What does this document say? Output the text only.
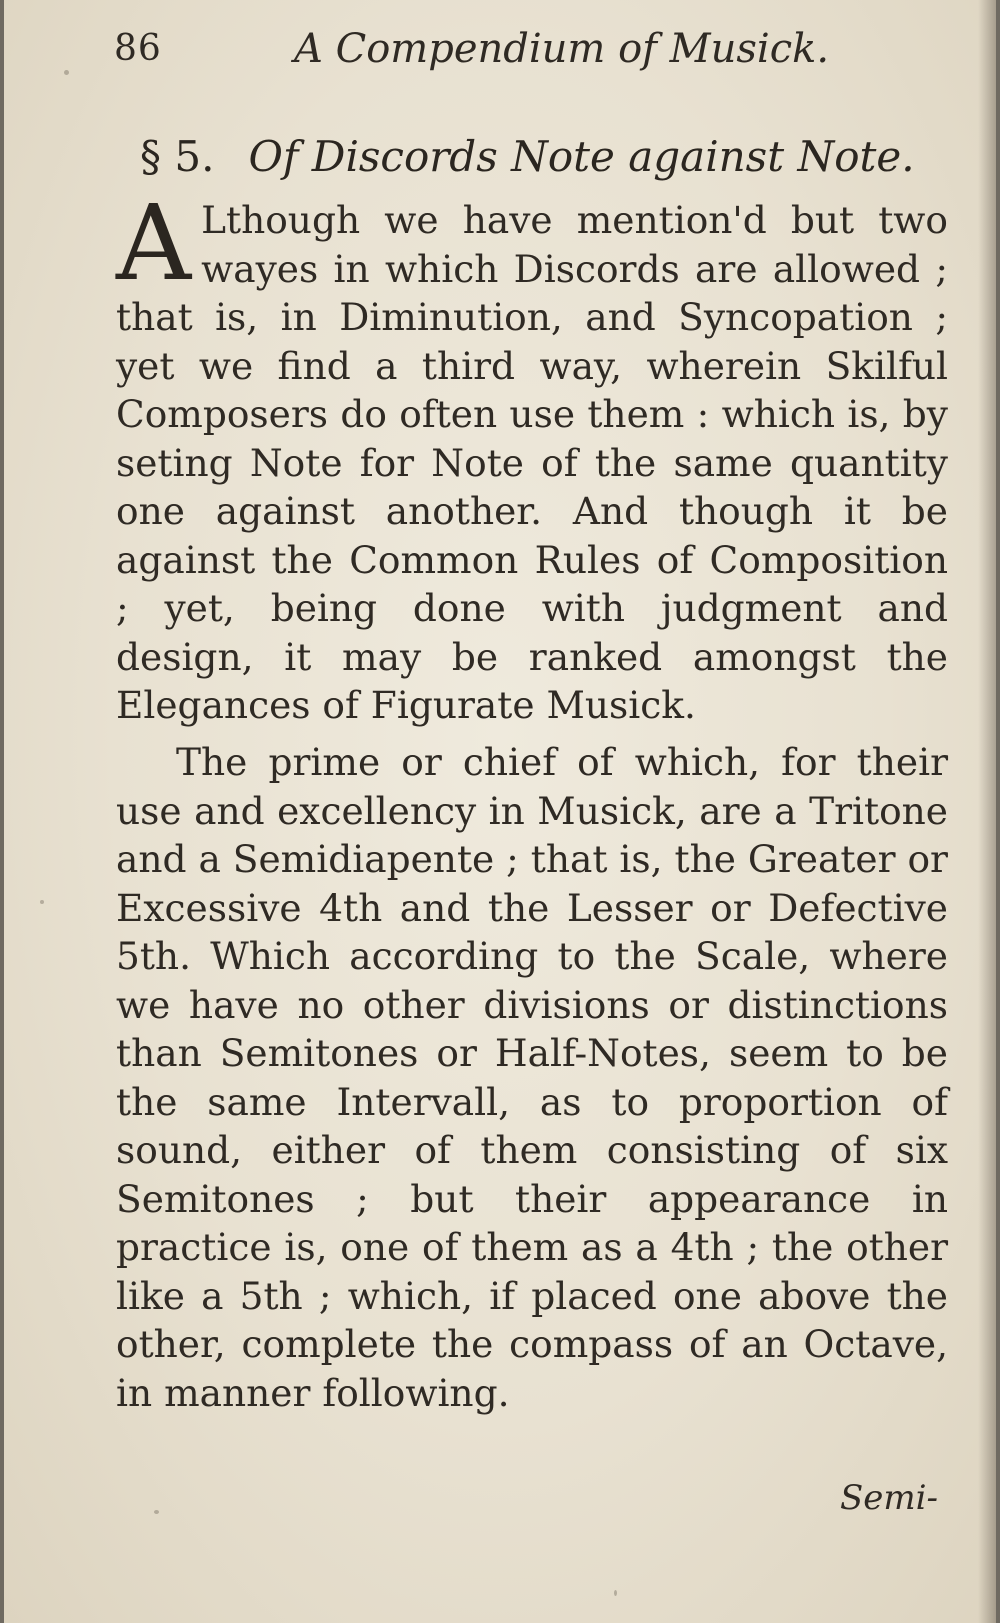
86	A Compendium of Musick.
§ 5. Of Discords Note against Note.

A Lthough we have mention'd but two wayes in which Discords are allowed ; that is, in Diminution, and Syncopation ; yet we find a third way, wherein Skilful Composers do often use them : which is, by seting Note for Note of the same quantity one against another. And though it be against the Common Rules of Composition ; yet, being done with judgment and design, it may be ranked amongst the Elegances of Figurate Musick.

The prime or chief of which, for their use and excellency in Musick, are a Tritone and a Semidiapente ; that is, the Greater or Excessive 4th and the Lesser or Defective 5th. Which according to the Scale, where we have no other divisions or distinctions than Semitones or Half-Notes, seem to be the same Intervall, as to proportion of sound, either of them consisting of six Semitones ; but their appearance in practice is, one of them as a 4th ; the other like a 5th ; which, if placed one above the other, complete the compass of an Octave, in manner following.

Semi-
